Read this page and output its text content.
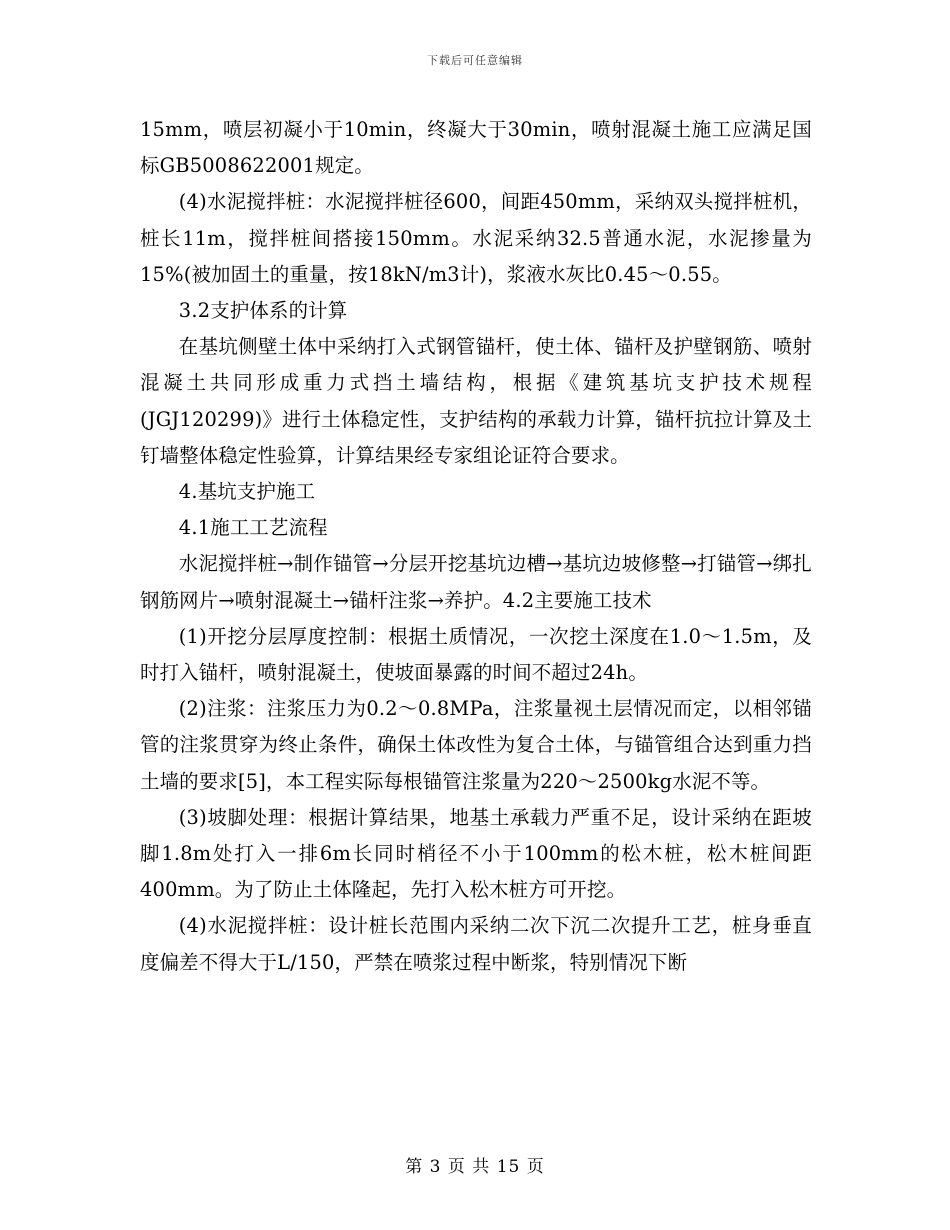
下载后可任意编辑

15mm，喷层初凝小于10min，终凝大于30min，喷射混凝土施工应满足国标GB5008622001规定。

(4)水泥搅拌桩：水泥搅拌桩径600，间距450mm，采纳双头搅拌桩机，桩长11m，搅拌桩间搭接150mm。水泥采纳32.5普通水泥，水泥掺量为15%(被加固土的重量，按18kN/m3计)，浆液水灰比0.45～0.55。

3.2支护体系的计算

在基坑侧壁土体中采纳打入式钢管锚杆，使土体、锚杆及护壁钢筋、喷射混凝土共同形成重力式挡土墙结构，根据《建筑基坑支护技术规程(JGJ120299)》进行土体稳定性，支护结构的承载力计算，锚杆抗拉计算及土钉墙整体稳定性验算，计算结果经专家组论证符合要求。

4.基坑支护施工

4.1施工工艺流程

水泥搅拌桩→制作锚管→分层开挖基坑边槽→基坑边坡修整→打锚管→绑扎钢筋网片→喷射混凝土→锚杆注浆→养护。4.2主要施工技术

(1)开挖分层厚度控制：根据土质情况，一次挖土深度在1.0～1.5m，及时打入锚杆，喷射混凝土，使坡面暴露的时间不超过24h。

(2)注浆：注浆压力为0.2～0.8MPa，注浆量视土层情况而定，以相邻锚管的注浆贯穿为终止条件，确保土体改性为复合土体，与锚管组合达到重力挡土墙的要求[5]，本工程实际每根锚管注浆量为220～2500kg水泥不等。

(3)坡脚处理：根据计算结果，地基土承载力严重不足，设计采纳在距坡脚1.8m处打入一排6m长同时梢径不小于100mm的松木桩，松木桩间距400mm。为了防止土体隆起，先打入松木桩方可开挖。

(4)水泥搅拌桩：设计桩长范围内采纳二次下沉二次提升工艺，桩身垂直度偏差不得大于L/150，严禁在喷浆过程中断浆，特别情况下断

第 3 页 共 15 页
